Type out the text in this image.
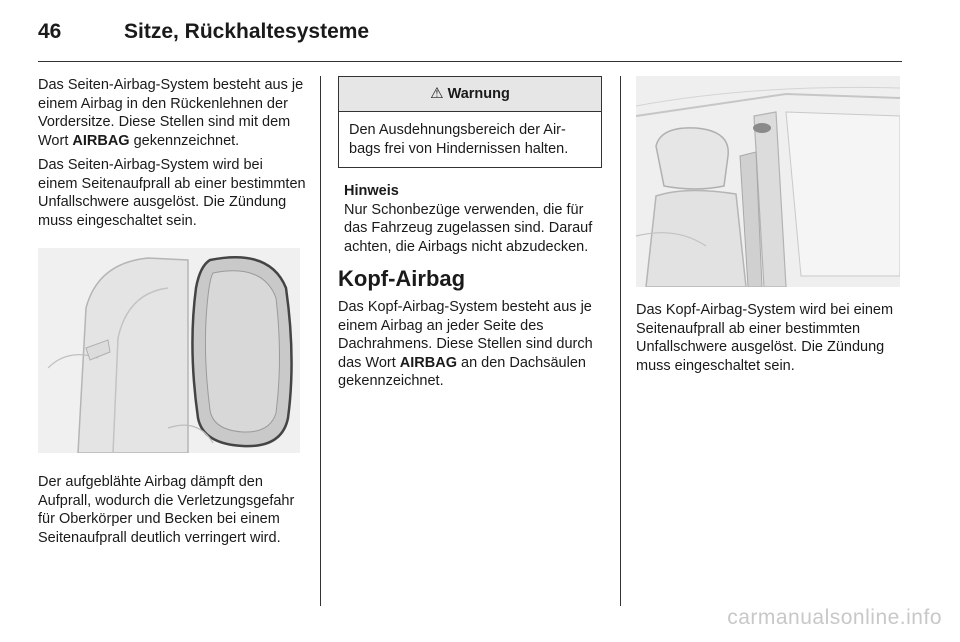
46	Sitze, Rückhaltesysteme

Das Seiten-Airbag-System besteht aus je einem Airbag in den Rückenlehnen der Vordersitze. Diese Stellen sind mit dem Wort AIRBAG gekennzeichnet.

Das Seiten-Airbag-System wird bei einem Seitenaufprall ab einer bestimmten Unfallschwere ausgelöst. Die Zündung muss eingeschaltet sein.

Der aufgeblähte Airbag dämpft den Aufprall, wodurch die Verletzungsgefahr für Oberkörper und Becken bei einem Seitenaufprall deutlich verringert wird.

⚠ Warnung
Den Ausdehnungsbereich der Airbags frei von Hindernissen halten.
Hinweis
Nur Schonbezüge verwenden, die für das Fahrzeug zugelassen sind. Darauf achten, die Airbags nicht abzudecken.
Kopf-Airbag

Das Kopf-Airbag-System besteht aus je einem Airbag an jeder Seite des Dachrahmens. Diese Stellen sind durch das Wort AIRBAG an den Dachsäulen gekennzeichnet.

Das Kopf-Airbag-System wird bei einem Seitenaufprall ab einer bestimmten Unfallschwere ausgelöst. Die Zündung muss eingeschaltet sein.

carmanualsonline.info
